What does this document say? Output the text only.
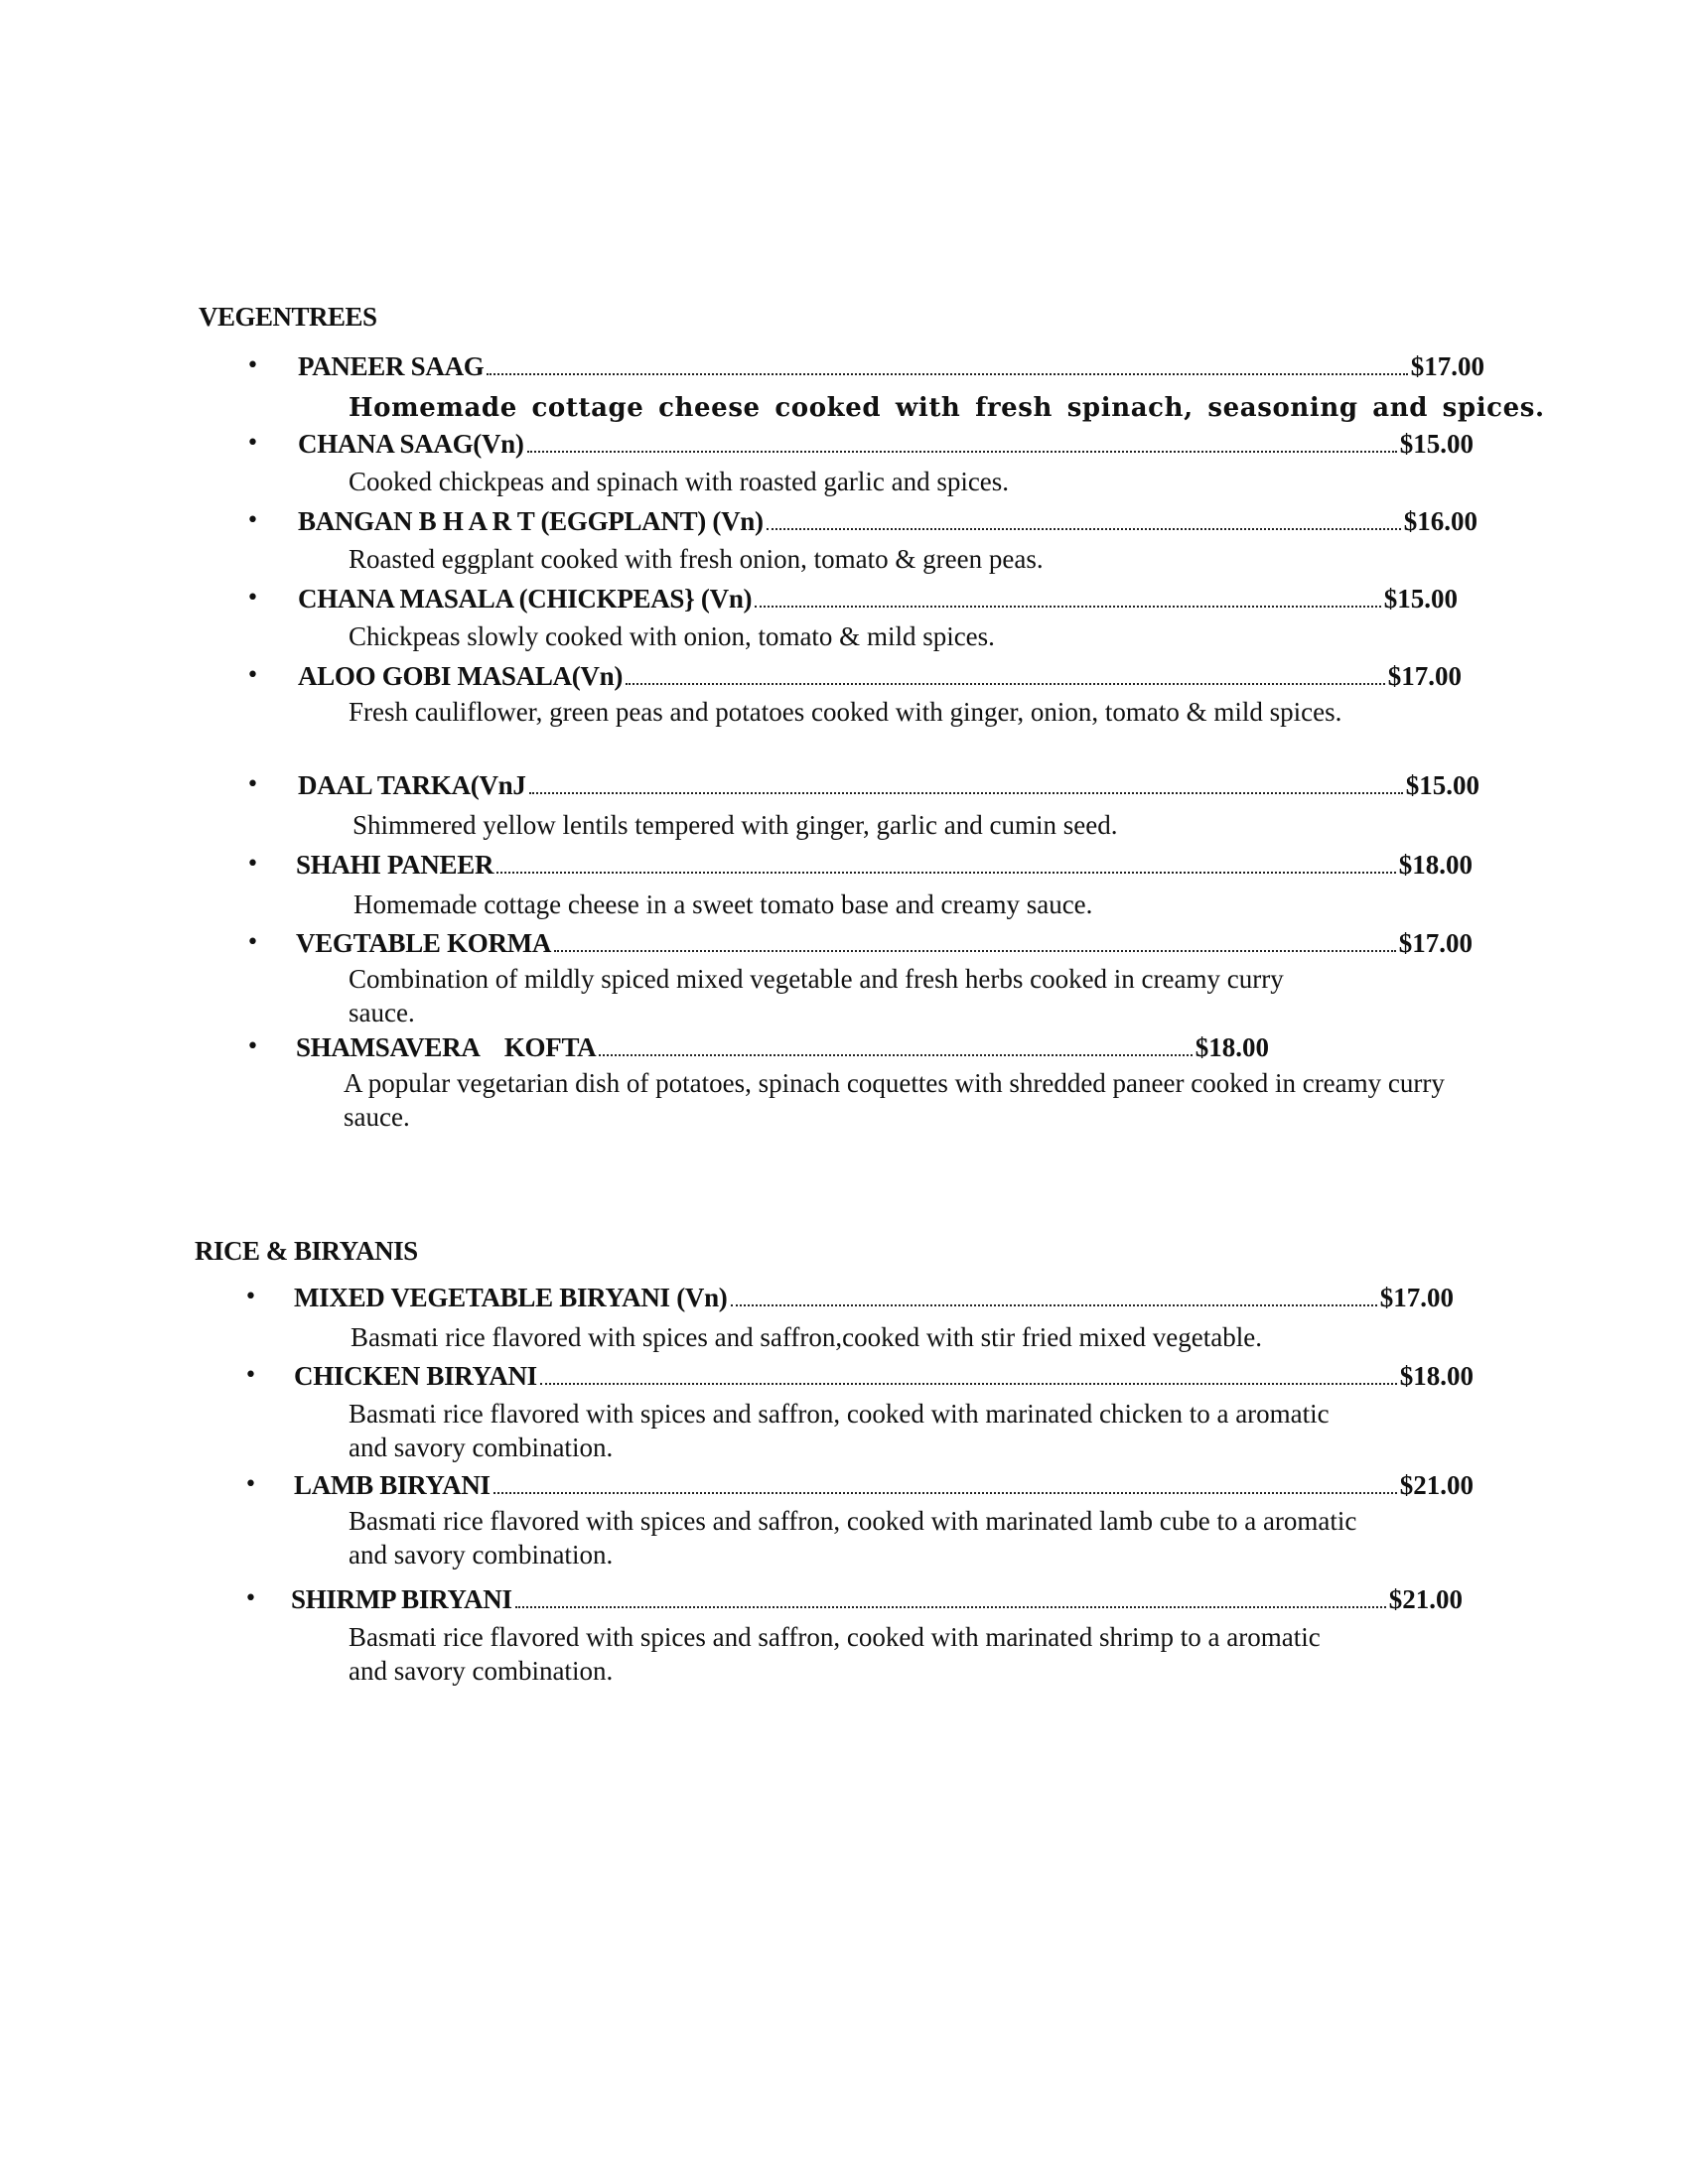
VEGENTREES
• PANEER SAAG	$17.00

Homemade cottage cheese cooked with fresh spinach, seasoning and spices.

• CHANA SAAG(Vn)	$15.00

Cooked chickpeas and spinach with roasted garlic and spices.

• BANGAN B H A R T (EGGPLANT) (Vn)	$16.00

Roasted eggplant cooked with fresh onion, tomato & green peas.

• CHANA MASALA (CHICKPEAS} (Vn)	$15.00

Chickpeas slowly cooked with onion, tomato & mild spices.

• ALOO GOBI MASALA(Vn)	$17.00

Fresh cauliflower, green peas and potatoes cooked with ginger, onion, tomato & mild spices.

• DAAL TARKA(VnJ	$15.00

Shimmered yellow lentils tempered with ginger, garlic and cumin seed.

• SHAHI PANEER	$18.00

Homemade cottage cheese in a sweet tomato base and creamy sauce.

• VEGTABLE KORMA	$17.00

Combination of mildly spiced mixed vegetable and fresh herbs cooked in creamy curry sauce.

• SHAMSAVERA    KOFTA	$18.00

A popular vegetarian dish of potatoes, spinach coquettes with shredded paneer cooked in creamy curry sauce.

RICE & BIRYANIS
• MIXED VEGETABLE BIRYANI (Vn)	$17.00

Basmati rice flavored with spices and saffron,cooked with stir fried mixed vegetable.

• CHICKEN BIRYANI	$18.00

Basmati rice flavored with spices and saffron, cooked with marinated chicken to a aromatic and savory combination.

• LAMB BIRYANI	$21.00

Basmati rice flavored with spices and saffron, cooked with marinated lamb cube to a aromatic and savory combination.

• SHIRMP BIRYANI	$21.00

Basmati rice flavored with spices and saffron, cooked with marinated shrimp to a aromatic and savory combination.
